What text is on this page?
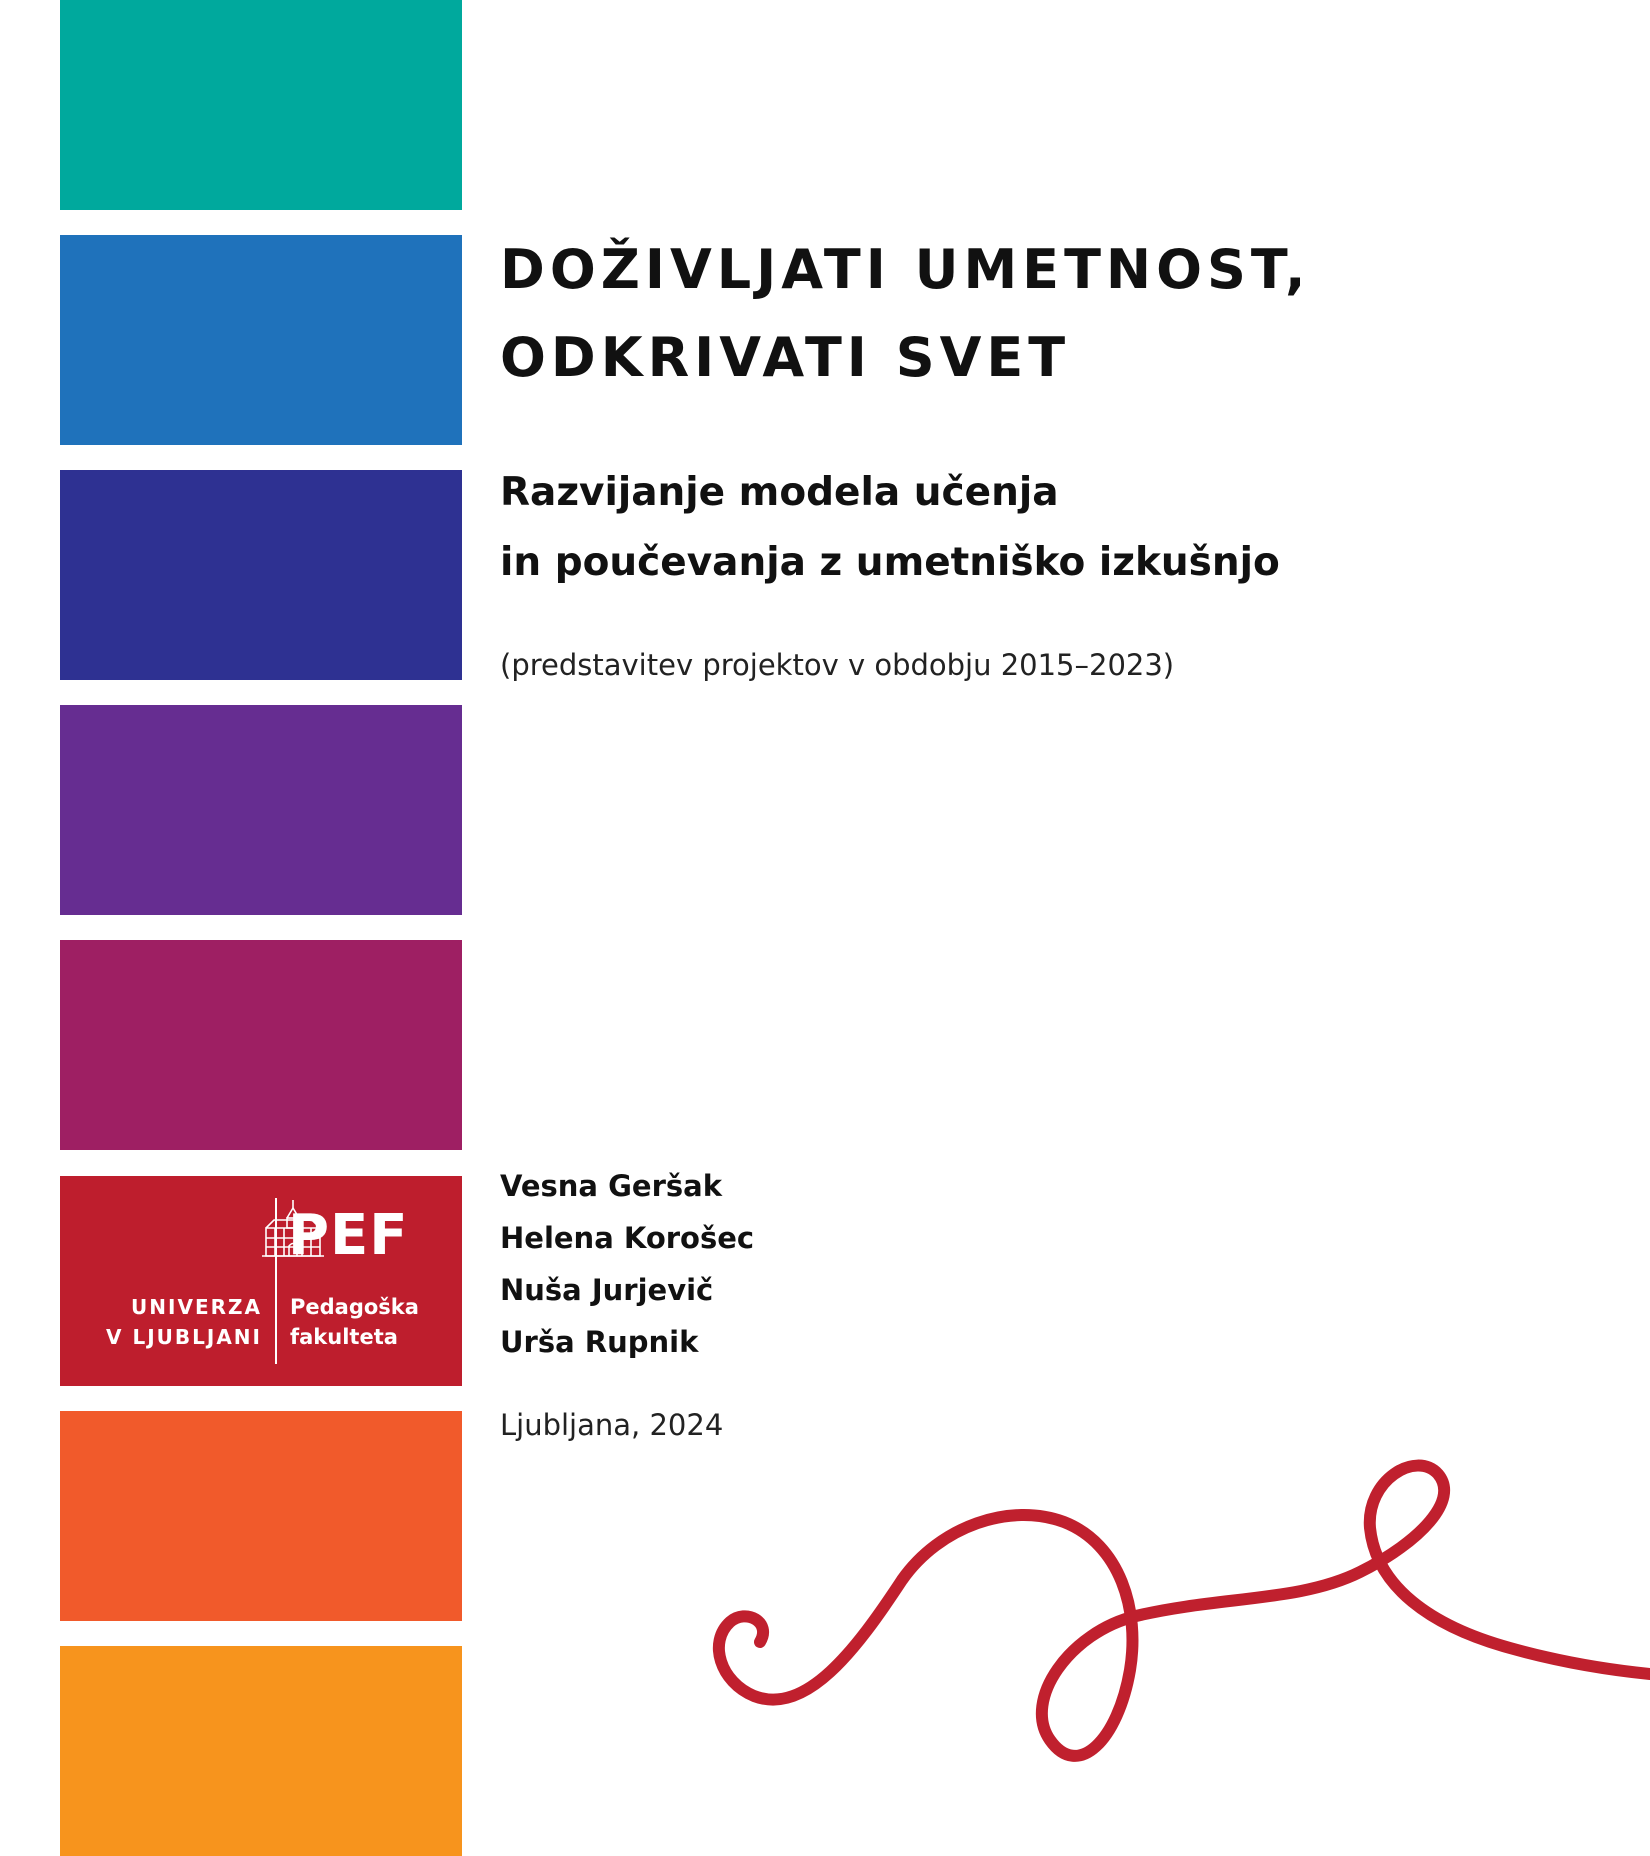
PEF
UNIVERZA
V LJUBLJANI
Pedagoška
fakulteta
DOŽIVLJATI UMETNOST,
ODKRIVATI SVET
Razvijanje modela učenja
in poučevanja z umetniško izkušnjo
(predstavitev projektov v obdobju 2015–2023)
Vesna Geršak
Helena Korošec
Nuša Jurjevič
Urša Rupnik
Ljubljana, 2024
